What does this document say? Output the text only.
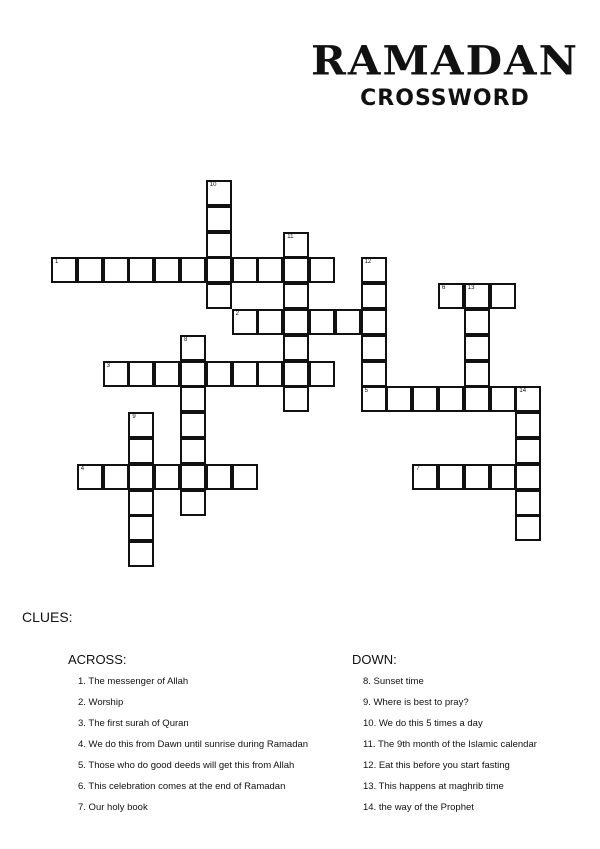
RAMADAN
CROSSWORD
1
2
3
4
5	14
6	13
7
8
9
10
11
12
CLUES:
ACROSS:
1. The messenger of Allah
2. Worship
3. The first surah of Quran
4. We do this from Dawn until sunrise during Ramadan
5. Those who do good deeds will get this from Allah
6. This celebration comes at the end of Ramadan
7. Our holy book
DOWN:
8. Sunset time
9. Where is best to pray?
10. We do this 5 times a day
11. The 9th month of the Islamic calendar
12. Eat this before you start fasting
13. This happens at maghrib time
14. the way of the Prophet
